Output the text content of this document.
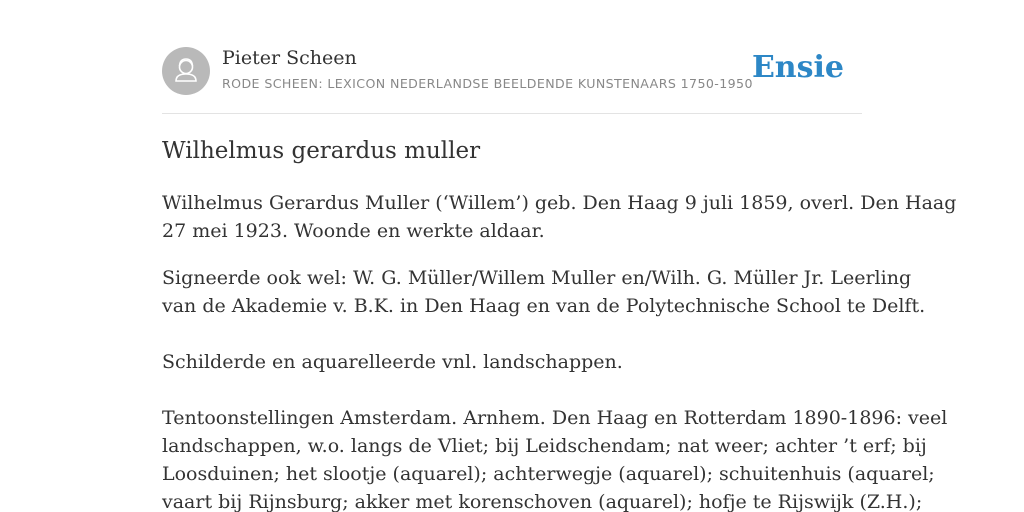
Pieter Scheen
RODE SCHEEN: LEXICON NEDERLANDSE BEELDENDE KUNSTENAARS 1750-1950 Ensie
Wilhelmus gerardus muller

Wilhelmus Gerardus Muller (‘Willem’) geb. Den Haag 9 juli 1859, overl. Den Haag
27 mei 1923. Woonde en werkte aldaar.

Signeerde ook wel: W. G. Müller/Willem Muller en/Wilh. G. Müller Jr. Leerling
van de Akademie v. B.K. in Den Haag en van de Polytechnische School te Delft.
Schilderde en aquarelleerde vnl. landschappen.
Tentoonstellingen Amsterdam. Arnhem. Den Haag en Rotterdam 1890-1896: veel
landschappen, w.o. langs de Vliet; bij Leidschendam; nat weer; achter ’t erf; bij
Loosduinen; het slootje (aquarel); achterwegje (aquarel); schuitenhuis (aquarel;
vaart bij Rijnsburg; akker met korenschoven (aquarel); hofje te Rijswijk (Z.H.);
